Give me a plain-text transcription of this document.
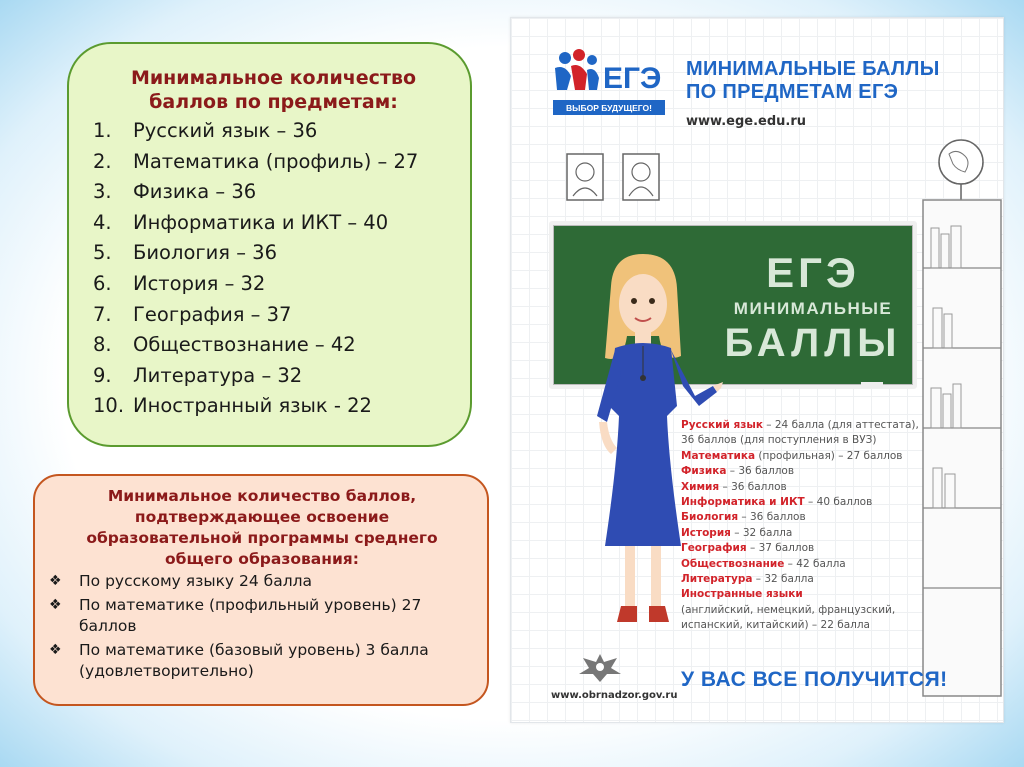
Минимальное количество
баллов по предметам:
1.	Русский язык – 36
2.	Математика (профиль) – 27
3.	Физика – 36
4.	Информатика и ИКТ – 40
5.	Биология – 36
6.	История – 32
7.	География – 37
8.	Обществознание – 42
9.	Литература – 32
10. Иностранный язык - 22
Минимальное количество баллов,
подтверждающее освоение
образовательной программы среднего
общего образования:
❖	По русскому языку 24 балла
❖	По математике (профильный уровень) 27
баллов
❖	По математике (базовый уровень) 3 балла
(удовлетворительно)
ЕГЭ
ВЫБОР БУДУЩЕГО!
МИНИМАЛЬНЫЕ БАЛЛЫ
ПО ПРЕДМЕТАМ ЕГЭ
www.ege.edu.ru
ЕГЭ
МИНИМАЛЬНЫЕ
БАЛЛЫ
Русский язык – 24 балла (для аттестата),
36 баллов (для поступления в ВУЗ)
Математика (профильная) – 27 баллов
Физика – 36 баллов
Химия – 36 баллов
Информатика и ИКТ – 40 баллов
Биология – 36 баллов
История – 32 балла
География – 37 баллов
Обществознание – 42 балла
Литература – 32 балла
Иностранные языки
(английский, немецкий, французский,
испанский, китайский) – 22 балла
www.obrnadzor.gov.ru
У ВАС ВСЕ ПОЛУЧИТСЯ!
